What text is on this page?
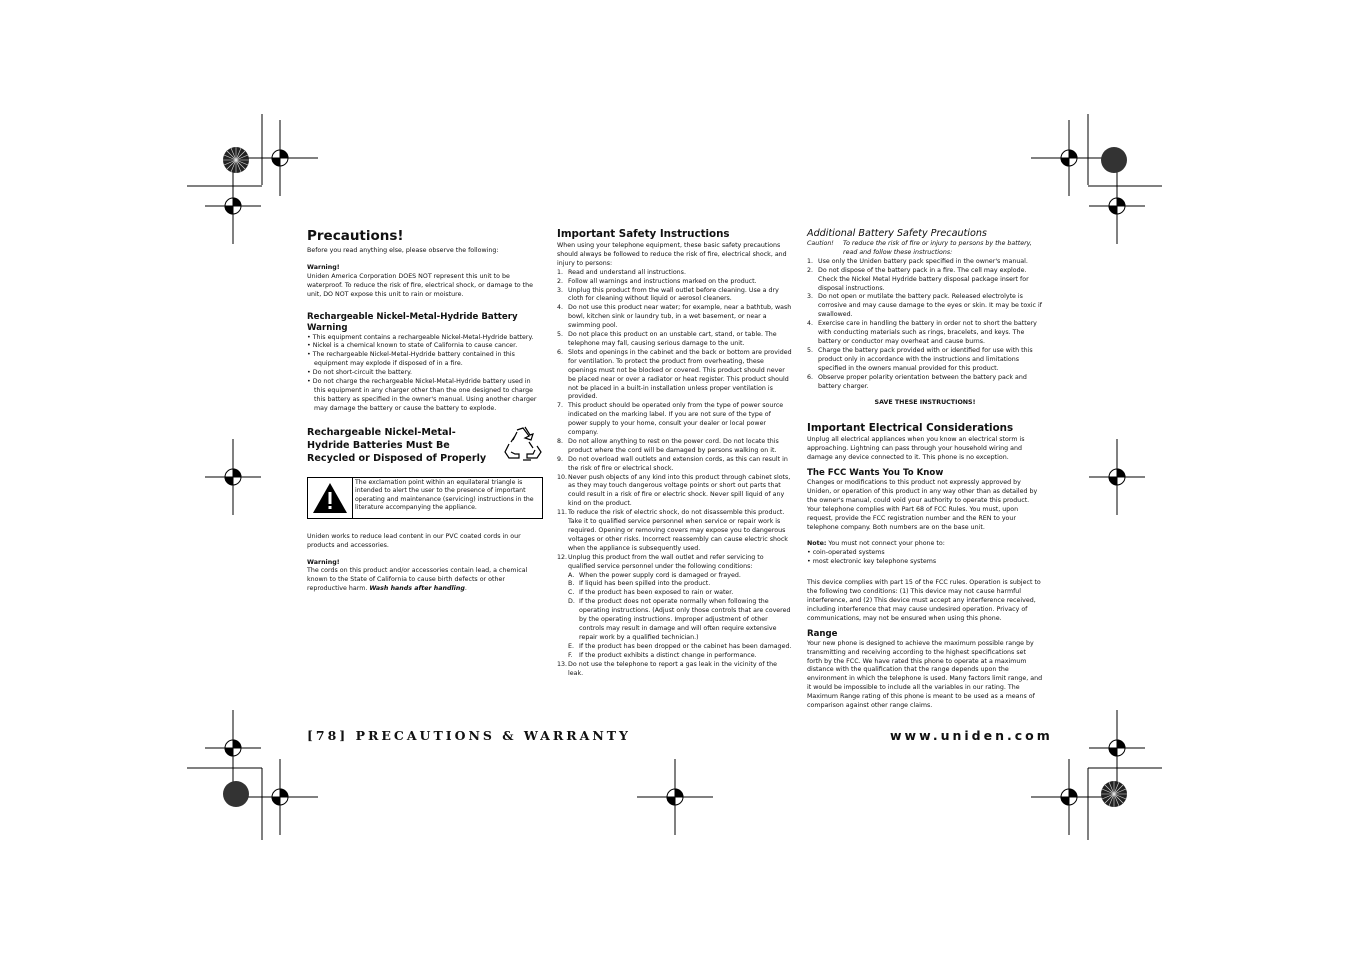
Precautions!

Before you read anything else, please observe the following:

Warning!

Uniden America Corporation DOES NOT represent this unit to be waterproof. To reduce the risk of fire, electrical shock, or damage to the unit, DO NOT expose this unit to rain or moisture.

Rechargeable Nickel-Metal-Hydride Battery Warning
• This equipment contains a rechargeable Nickel-Metal-Hydride battery.
• Nickel is a chemical known to state of California to cause cancer.
• The rechargeable Nickel-Metal-Hydride battery contained in this equipment may explode if disposed of in a fire.
• Do not short-circuit the battery.
• Do not charge the rechargeable Nickel-Metal-Hydride battery used in this equipment in any charger other than the one designed to charge this battery as specified in the owner's manual. Using another charger may damage the battery or cause the battery to explode.
Rechargeable Nickel-Metal-Hydride Batteries Must Be Recycled or Disposed of Properly
The exclamation point within an equilateral triangle is intended to alert the user to the presence of important operating and maintenance (servicing) instructions in the literature accompanying the appliance.

Uniden works to reduce lead content in our PVC coated cords in our products and accessories.

Warning!

The cords on this product and/or accessories contain lead, a chemical known to the State of California to cause birth defects or other reproductive harm. Wash hands after handling.

Important Safety Instructions

When using your telephone equipment, these basic safety precautions should always be followed to reduce the risk of fire, electrical shock, and injury to persons:

1. Read and understand all instructions.
2. Follow all warnings and instructions marked on the product.
3. Unplug this product from the wall outlet before cleaning. Use a dry cloth for cleaning without liquid or aerosol cleaners.
4. Do not use this product near water; for example, near a bathtub, wash bowl, kitchen sink or laundry tub, in a wet basement, or near a swimming pool.
5. Do not place this product on an unstable cart, stand, or table. The telephone may fall, causing serious damage to the unit.
6. Slots and openings in the cabinet and the back or bottom are provided for ventilation. To protect the product from overheating, these openings must not be blocked or covered. This product should never be placed near or over a radiator or heat register. This product should not be placed in a built-in installation unless proper ventilation is provided.
7. This product should be operated only from the type of power source indicated on the marking label. If you are not sure of the type of power supply to your home, consult your dealer or local power company.
8. Do not allow anything to rest on the power cord. Do not locate this product where the cord will be damaged by persons walking on it.
9. Do not overload wall outlets and extension cords, as this can result in the risk of fire or electrical shock.
10. Never push objects of any kind into this product through cabinet slots, as they may touch dangerous voltage points or short out parts that could result in a risk of fire or electric shock. Never spill liquid of any kind on the product.
11. To reduce the risk of electric shock, do not disassemble this product. Take it to qualified service personnel when service or repair work is required. Opening or removing covers may expose you to dangerous voltages or other risks. Incorrect reassembly can cause electric shock when the appliance is subsequently used.
12. Unplug this product from the wall outlet and refer servicing to qualified service personnel under the following conditions:
A. When the power supply cord is damaged or frayed.
B. If liquid has been spilled into the product.
C. If the product has been exposed to rain or water.
D. If the product does not operate normally when following the operating instructions. (Adjust only those controls that are covered by the operating instructions. Improper adjustment of other controls may result in damage and will often require extensive repair work by a qualified technician.)
E. If the product has been dropped or the cabinet has been damaged.
F.	If the product exhibits a distinct change in performance.
13. Do not use the telephone to report a gas leak in the vicinity of the leak.
Additional Battery Safety Precautions
Caution!	To reduce the risk of fire or injury to persons by the battery, read and follow these instructions:
1. Use only the Uniden battery pack specified in the owner's manual.
2. Do not dispose of the battery pack in a fire. The cell may explode. Check the Nickel Metal Hydride battery disposal package insert for disposal instructions.
3. Do not open or mutilate the battery pack. Released electrolyte is corrosive and may cause damage to the eyes or skin. It may be toxic if swallowed.
4. Exercise care in handling the battery in order not to short the battery with conducting materials such as rings, bracelets, and keys. The battery or conductor may overheat and cause burns.
5. Charge the battery pack provided with or identified for use with this product only in accordance with the instructions and limitations specified in the owners manual provided for this product.
6. Observe proper polarity orientation between the battery pack and battery charger.

SAVE THESE INSTRUCTIONS!

Important Electrical Considerations

Unplug all electrical appliances when you know an electrical storm is approaching. Lightning can pass through your household wiring and damage any device connected to it. This phone is no exception.

The FCC Wants You To Know

Changes or modifications to this product not expressly approved by Uniden, or operation of this product in any way other than as detailed by the owner's manual, could void your authority to operate this product. Your telephone complies with Part 68 of FCC Rules. You must, upon request, provide the FCC registration number and the REN to your telephone company. Both numbers are on the base unit.

Note: You must not connect your phone to:

• coin-operated systems

• most electronic key telephone systems

This device complies with part 15 of the FCC rules. Operation is subject to the following two conditions: (1) This device may not cause harmful interference, and (2) This device must accept any interference received, including interference that may cause undesired operation. Privacy of communications, may not be ensured when using this phone.

Range

Your new phone is designed to achieve the maximum possible range by transmitting and receiving according to the highest specifications set forth by the FCC. We have rated this phone to operate at a maximum distance with the qualification that the range depends upon the environment in which the telephone is used. Many factors limit range, and it would be impossible to include all the variables in our rating. The Maximum Range rating of this phone is meant to be used as a means of comparison against other range claims.

[78] PRECAUTIONS & WARRANTY	www.uniden.com
